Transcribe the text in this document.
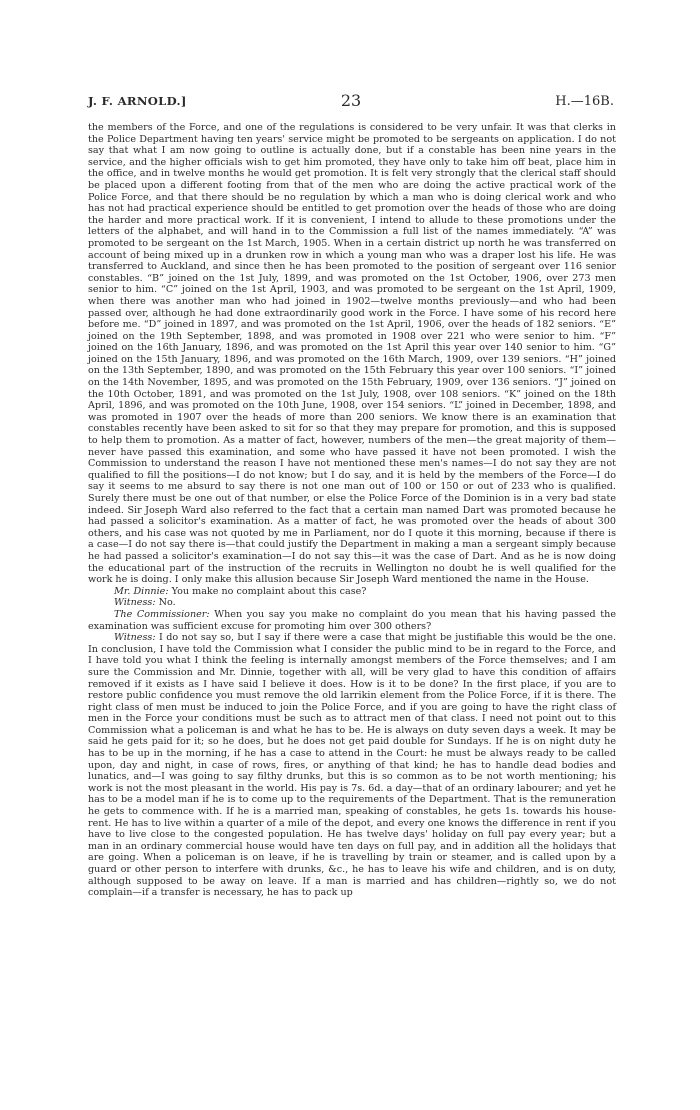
J. F. ARNOLD.]	23	H.—16B.

the members of the Force, and one of the regulations is considered to be very unfair. It was that clerks in the Police Department having ten years' service might be promoted to be sergeants on application. I do not say that what I am now going to outline is actually done, but if a constable has been nine years in the service, and the higher officials wish to get him promoted, they have only to take him off beat, place him in the office, and in twelve months he would get promotion. It is felt very strongly that the clerical staff should be placed upon a different footing from that of the men who are doing the active practical work of the Police Force, and that there should be no regulation by which a man who is doing clerical work and who has not had practical experience should be entitled to get promotion over the heads of those who are doing the harder and more practical work. If it is convenient, I intend to allude to these promotions under the letters of the alphabet, and will hand in to the Commission a full list of the names immediately. “A” was promoted to be sergeant on the 1st March, 1905. When in a certain district up north he was transferred on account of being mixed up in a drunken row in which a young man who was a draper lost his life. He was transferred to Auckland, and since then he has been promoted to the position of sergeant over 116 senior constables. “B” joined on the 1st July, 1899, and was promoted on the 1st October, 1906, over 273 men senior to him. “C” joined on the 1st April, 1903, and was promoted to be sergeant on the 1st April, 1909, when there was another man who had joined in 1902—twelve months previously—and who had been passed over, although he had done extraordinarily good work in the Force. I have some of his record here before me. “D” joined in 1897, and was promoted on the 1st April, 1906, over the heads of 182 seniors. “E” joined on the 19th September, 1898, and was promoted in 1908 over 221 who were senior to him. “F” joined on the 16th January, 1896, and was promoted on the 1st April this year over 140 senior to him. “G” joined on the 15th January, 1896, and was promoted on the 16th March, 1909, over 139 seniors. “H” joined on the 13th September, 1890, and was promoted on the 15th February this year over 100 seniors. “I” joined on the 14th November, 1895, and was promoted on the 15th February, 1909, over 136 seniors. “J” joined on the 10th October, 1891, and was promoted on the 1st July, 1908, over 108 seniors. “K” joined on the 18th April, 1896, and was promoted on the 10th June, 1908, over 154 seniors. “L” joined in December, 1898, and was promoted in 1907 over the heads of more than 200 seniors. We know there is an examination that constables recently have been asked to sit for so that they may prepare for promotion, and this is supposed to help them to promotion. As a matter of fact, however, numbers of the men—the great majority of them—never have passed this examination, and some who have passed it have not been promoted. I wish the Commission to understand the reason I have not mentioned these men's names—I do not say they are not qualified to fill the positions—I do not know; but I do say, and it is held by the members of the Force—I do say it seems to me absurd to say there is not one man out of 100 or 150 or out of 233 who is qualified. Surely there must be one out of that number, or else the Police Force of the Dominion is in a very bad state indeed. Sir Joseph Ward also referred to the fact that a certain man named Dart was promoted because he had passed a solicitor's examination. As a matter of fact, he was promoted over the heads of about 300 others, and his case was not quoted by me in Parliament, nor do I quote it this morning, because if there is a case—I do not say there is—that could justify the Department in making a man a sergeant simply because he had passed a solicitor's examination—I do not say this—it was the case of Dart. And as he is now doing the educational part of the instruction of the recruits in Wellington no doubt he is well qualified for the work he is doing. I only make this allusion because Sir Joseph Ward mentioned the name in the House.

Mr. Dinnie: You make no complaint about this case?

Witness: No.

The Commissioner: When you say you make no complaint do you mean that his having passed the examination was sufficient excuse for promoting him over 300 others?

Witness: I do not say so, but I say if there were a case that might be justifiable this would be the one. In conclusion, I have told the Commission what I consider the public mind to be in regard to the Force, and I have told you what I think the feeling is internally amongst members of the Force themselves; and I am sure the Commission and Mr. Dinnie, together with all, will be very glad to have this condition of affairs removed if it exists as I have said I believe it does. How is it to be done? In the first place, if you are to restore public confidence you must remove the old larrikin element from the Police Force, if it is there. The right class of men must be induced to join the Police Force, and if you are going to have the right class of men in the Force your conditions must be such as to attract men of that class. I need not point out to this Commission what a policeman is and what he has to be. He is always on duty seven days a week. It may be said he gets paid for it; so he does, but he does not get paid double for Sundays. If he is on night duty he has to be up in the morning, if he has a case to attend in the Court: he must be always ready to be called upon, day and night, in case of rows, fires, or anything of that kind; he has to handle dead bodies and lunatics, and—I was going to say filthy drunks, but this is so common as to be not worth mentioning; his work is not the most pleasant in the world. His pay is 7s. 6d. a day—that of an ordinary labourer; and yet he has to be a model man if he is to come up to the requirements of the Department. That is the remuneration he gets to commence with. If he is a married man, speaking of constables, he gets 1s. towards his house-rent. He has to live within a quarter of a mile of the depot, and every one knows the difference in rent if you have to live close to the congested population. He has twelve days' holiday on full pay every year; but a man in an ordinary commercial house would have ten days on full pay, and in addition all the holidays that are going. When a policeman is on leave, if he is travelling by train or steamer, and is called upon by a guard or other person to interfere with drunks, &c., he has to leave his wife and children, and is on duty, although supposed to be away on leave. If a man is married and has children—rightly so, we do not complain—if a transfer is necessary, he has to pack up
